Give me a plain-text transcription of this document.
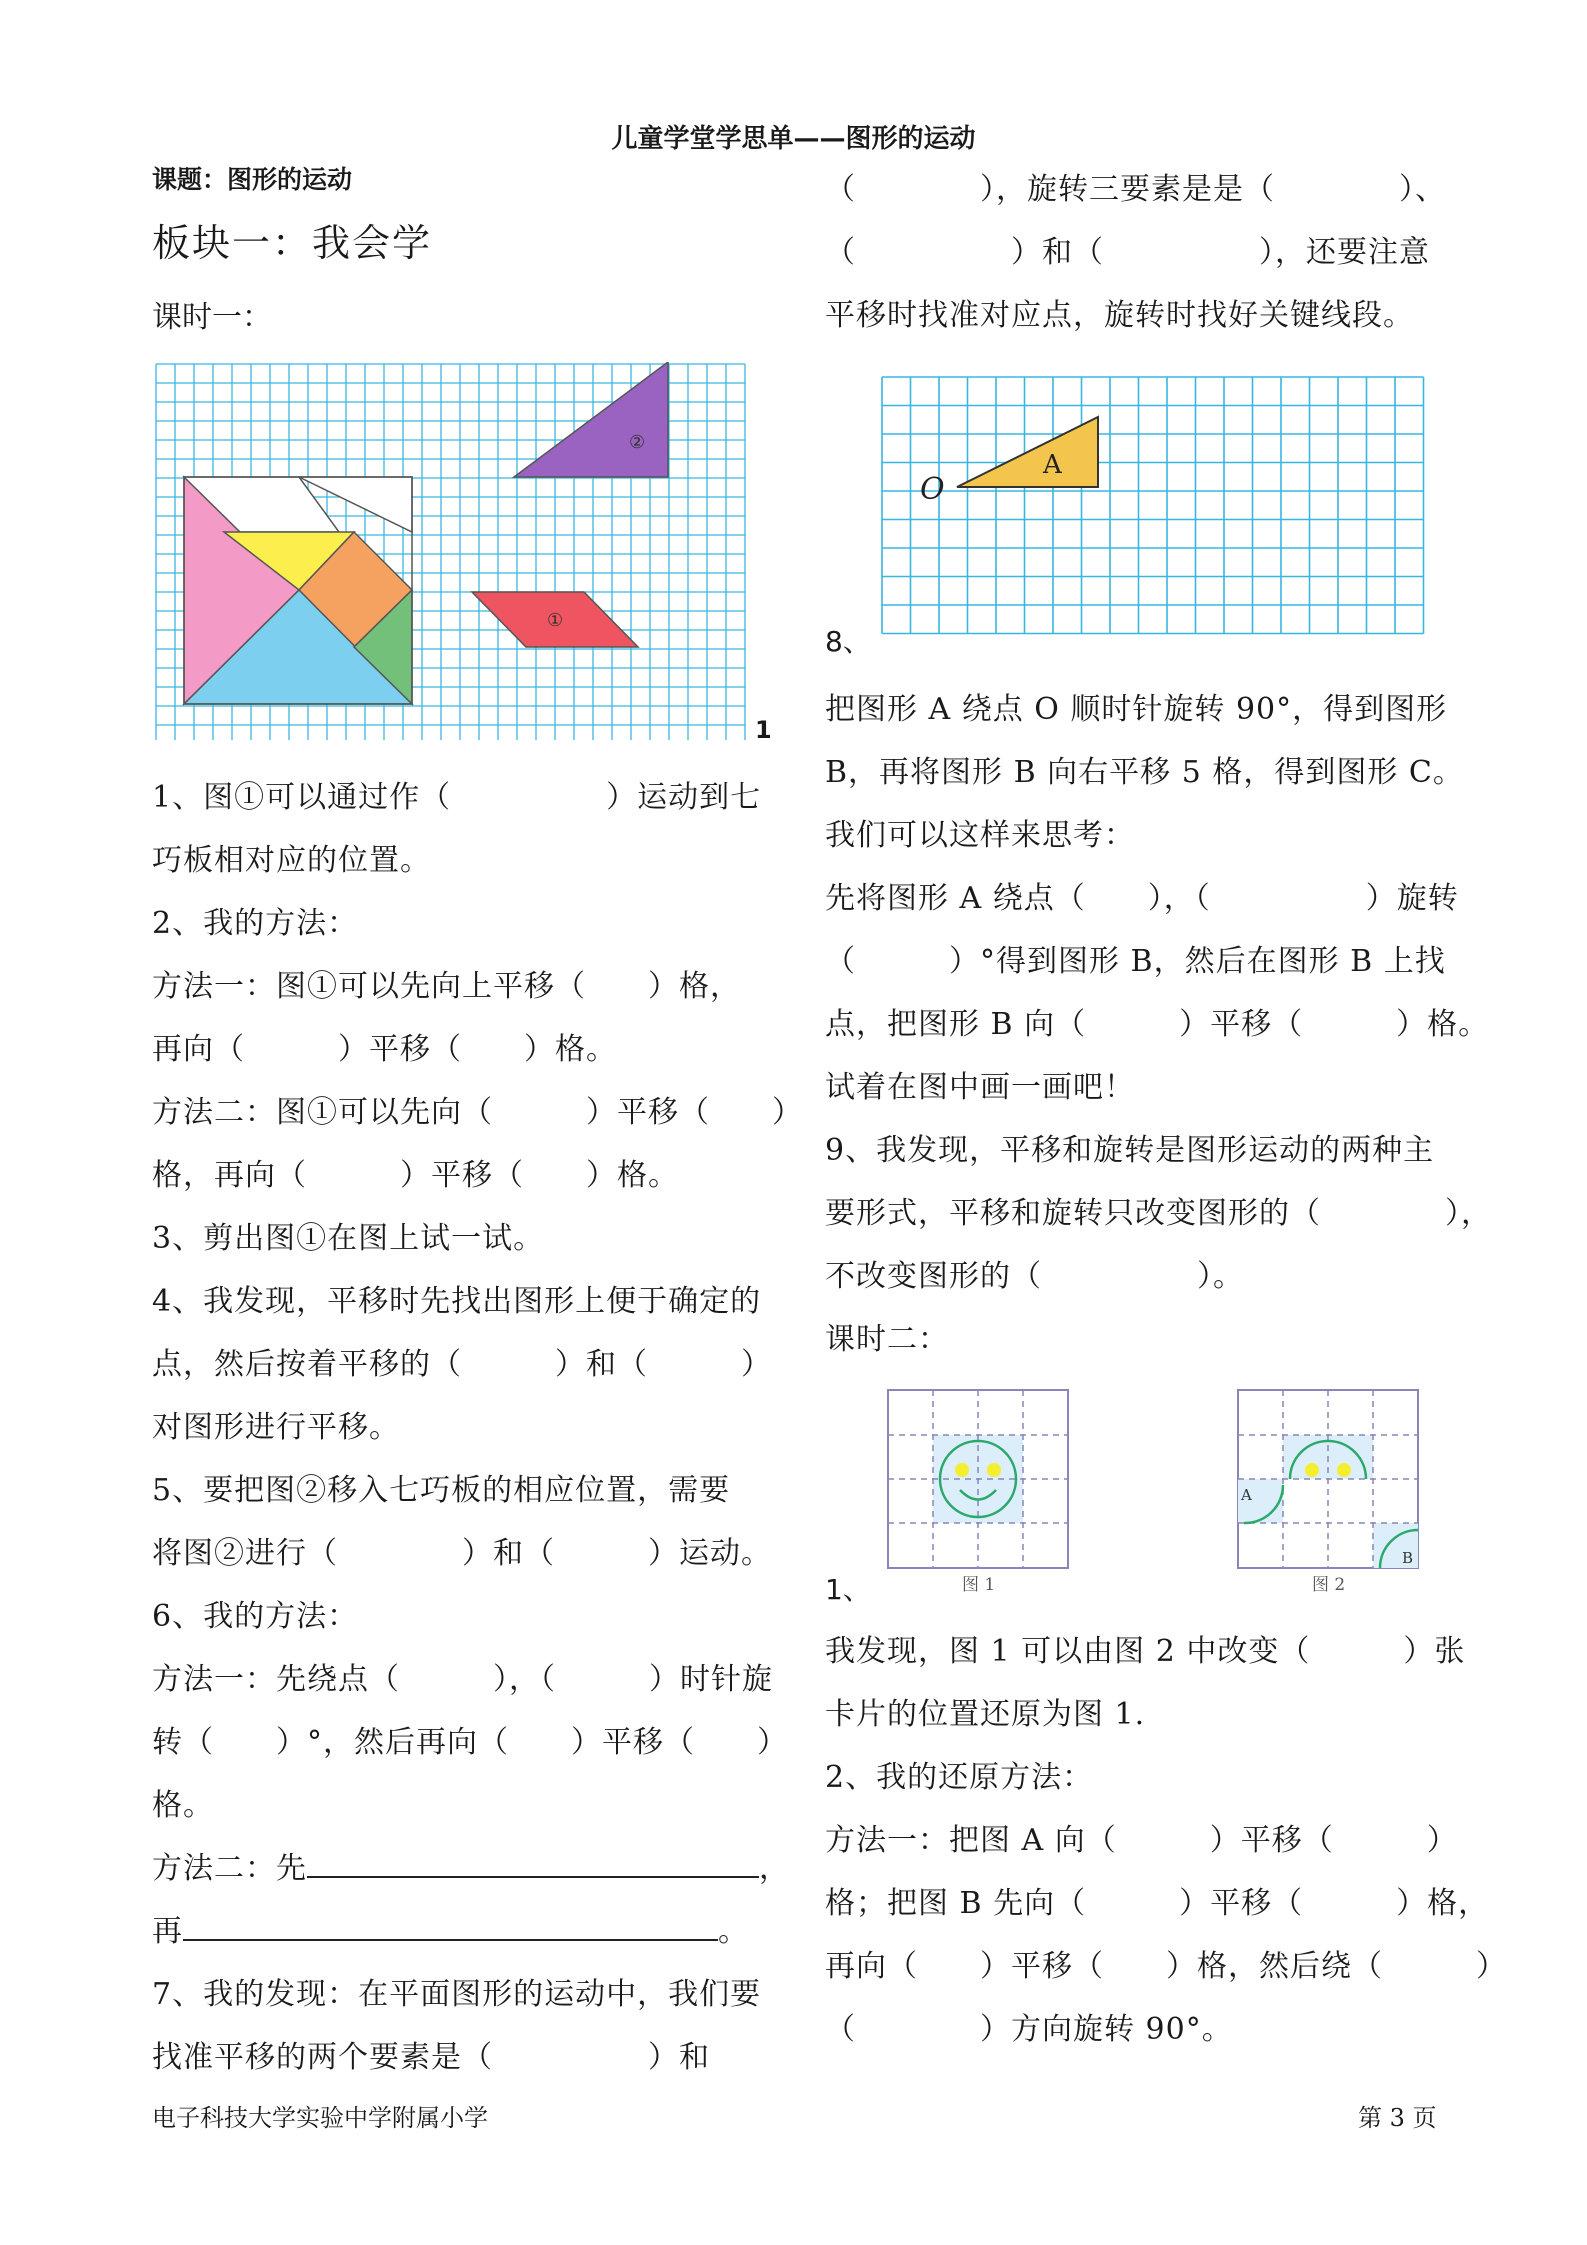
儿童学堂学思单——图形的运动
课题：图形的运动
板块一：我会学
课时一：
②
①
1

1、图①可以通过作（　　　　　）运动到七

巧板相对应的位置。

2、我的方法：

方法一：图①可以先向上平移（　　）格，

再向（　　　）平移（　　）格。

方法二：图①可以先向（　　　）平移（　　）

格，再向（　　　）平移（　　）格。

3、剪出图①在图上试一试。

4、我发现，平移时先找出图形上便于确定的

点，然后按着平移的（　　　）和（　　　）

对图形进行平移。

5、要把图②移入七巧板的相应位置，需要

将图②进行（　　　　）和（　　　）运动。

6、我的方法：

方法一：先绕点（　　　），（　　　）时针旋

转（　　）°，然后再向（　　）平移（　　）

格。

方法二：先	，

再	。

7、我的发现：在平面图形的运动中，我们要

找准平移的两个要素是（　　　　　）和

（　　　　），旋转三要素是是（　　　　）、

（　　　　　）和（　　　　　），还要注意

平移时找准对应点，旋转时找好关键线段。

O
A
8、

把图形 A 绕点 O 顺时针旋转 90°，得到图形

B，再将图形 B 向右平移 5 格，得到图形 C。

我们可以这样来思考：

先将图形 A 绕点（　　），（　　　　　）旋转

（　　　）°得到图形 B，然后在图形 B 上找

点，把图形 B 向（　　　）平移（　　　）格。

试着在图中画一画吧！

9、我发现，平移和旋转是图形运动的两种主

要形式，平移和旋转只改变图形的（　　　　），

不改变图形的（　　　　　）。

课时二：

图 1
A
B
图 2
1、

我发现，图 1 可以由图 2 中改变（　　　）张

卡片的位置还原为图 1.

2、我的还原方法：

方法一：把图 A 向（　　　）平移（　　　）

格；把图 B 先向（　　　）平移（　　　）格，

再向（　　）平移（　　）格，然后绕（　　　）

（　　　　）方向旋转 90°。

电子科技大学实验中学附属小学	第 3 页
